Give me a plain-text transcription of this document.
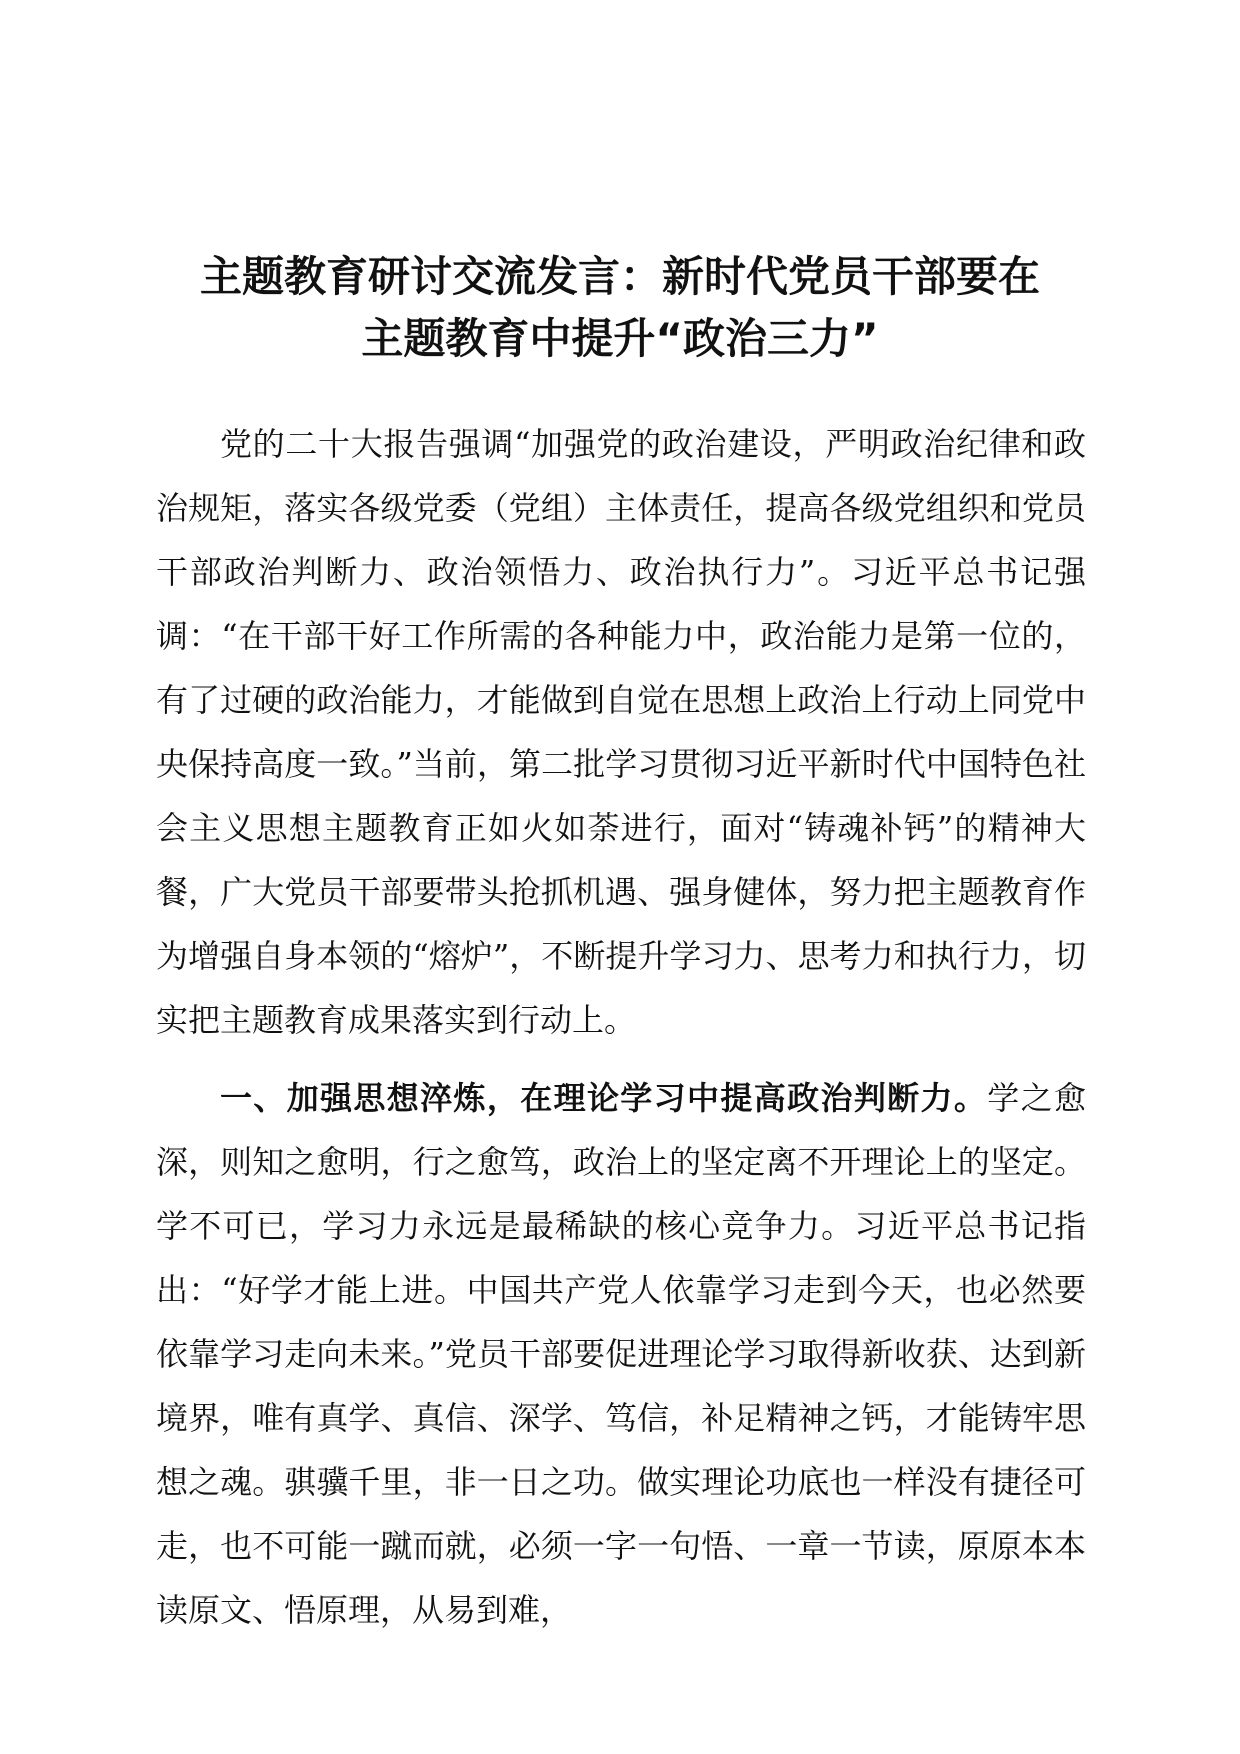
主题教育研讨交流发言：新时代党员干部要在
主题教育中提升“政治三力”

党的二十大报告强调“加强党的政治建设，严明政治纪律和政治规矩，落实各级党委（党组）主体责任，提高各级党组织和党员干部政治判断力、政治领悟力、政治执行力”。习近平总书记强调：“在干部干好工作所需的各种能力中，政治能力是第一位的，有了过硬的政治能力，才能做到自觉在思想上政治上行动上同党中央保持高度一致。”当前，第二批学习贯彻习近平新时代中国特色社会主义思想主题教育正如火如荼进行，面对“铸魂补钙”的精神大餐，广大党员干部要带头抢抓机遇、强身健体，努力把主题教育作为增强自身本领的“熔炉”，不断提升学习力、思考力和执行力，切实把主题教育成果落实到行动上。

一、加强思想淬炼，在理论学习中提高政治判断力。学之愈深，则知之愈明，行之愈笃，政治上的坚定离不开理论上的坚定。学不可已，学习力永远是最稀缺的核心竞争力。习近平总书记指出：“好学才能上进。中国共产党人依靠学习走到今天，也必然要依靠学习走向未来。”党员干部要促进理论学习取得新收获、达到新境界，唯有真学、真信、深学、笃信，补足精神之钙，才能铸牢思想之魂。骐骥千里，非一日之功。做实理论功底也一样没有捷径可走，也不可能一蹴而就，必须一字一句悟、一章一节读，原原本本读原文、悟原理，从易到难，
